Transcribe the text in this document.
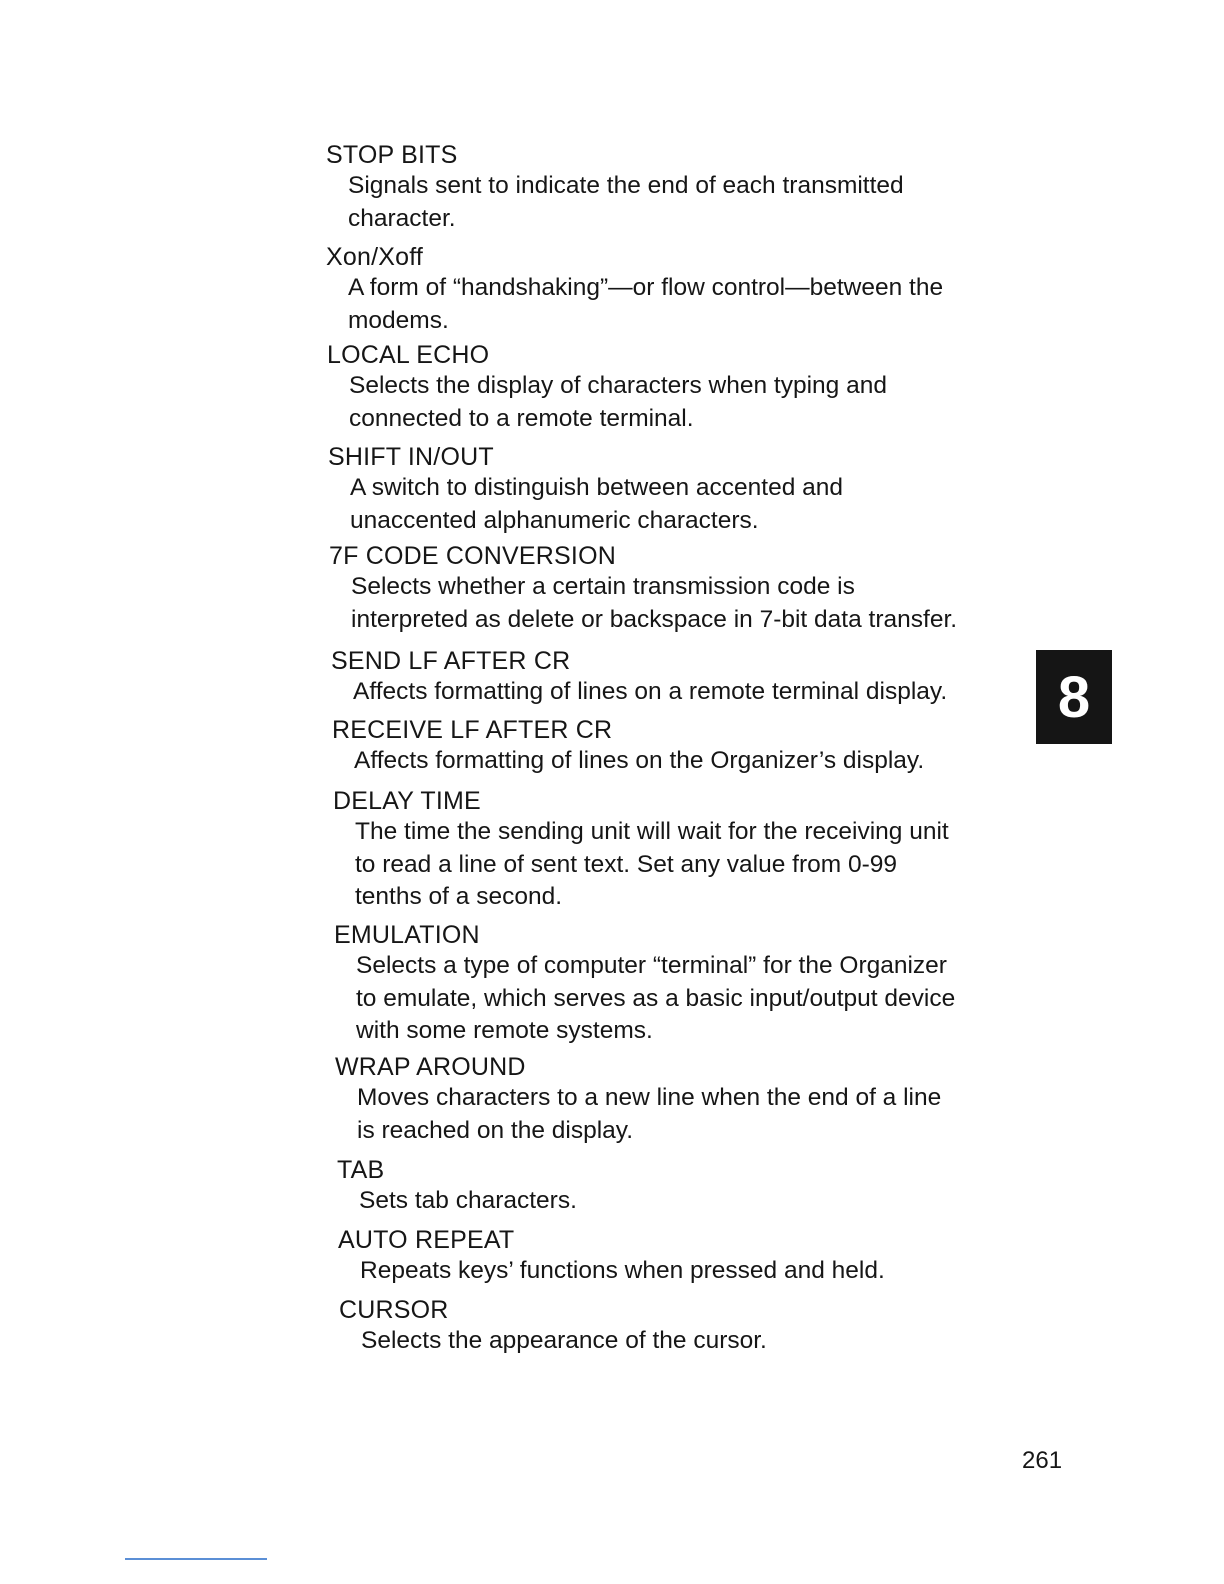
STOP BITS
Signals sent to indicate the end of each transmitted
character.
Xon/Xoff
A form of “handshaking”—or flow control—between the
modems.
LOCAL ECHO
Selects the display of characters when typing and
connected to a remote terminal.
SHIFT IN/OUT
A switch to distinguish between accented and
unaccented alphanumeric characters.
7F CODE CONVERSION
Selects whether a certain transmission code is
interpreted as delete or backspace in 7-bit data transfer.
SEND LF AFTER CR
Affects formatting of lines on a remote terminal display.
RECEIVE LF AFTER CR
Affects formatting of lines on the Organizer’s display.
DELAY TIME
The time the sending unit will wait for the receiving unit
to read a line of sent text. Set any value from 0-99
tenths of a second.
EMULATION
Selects a type of computer “terminal” for the Organizer
to emulate, which serves as a basic input/output device
with some remote systems.
WRAP AROUND
Moves characters to a new line when the end of a line
is reached on the display.
TAB
Sets tab characters.
AUTO REPEAT
Repeats keys’ functions when pressed and held.
CURSOR
Selects the appearance of the cursor.
8
261
